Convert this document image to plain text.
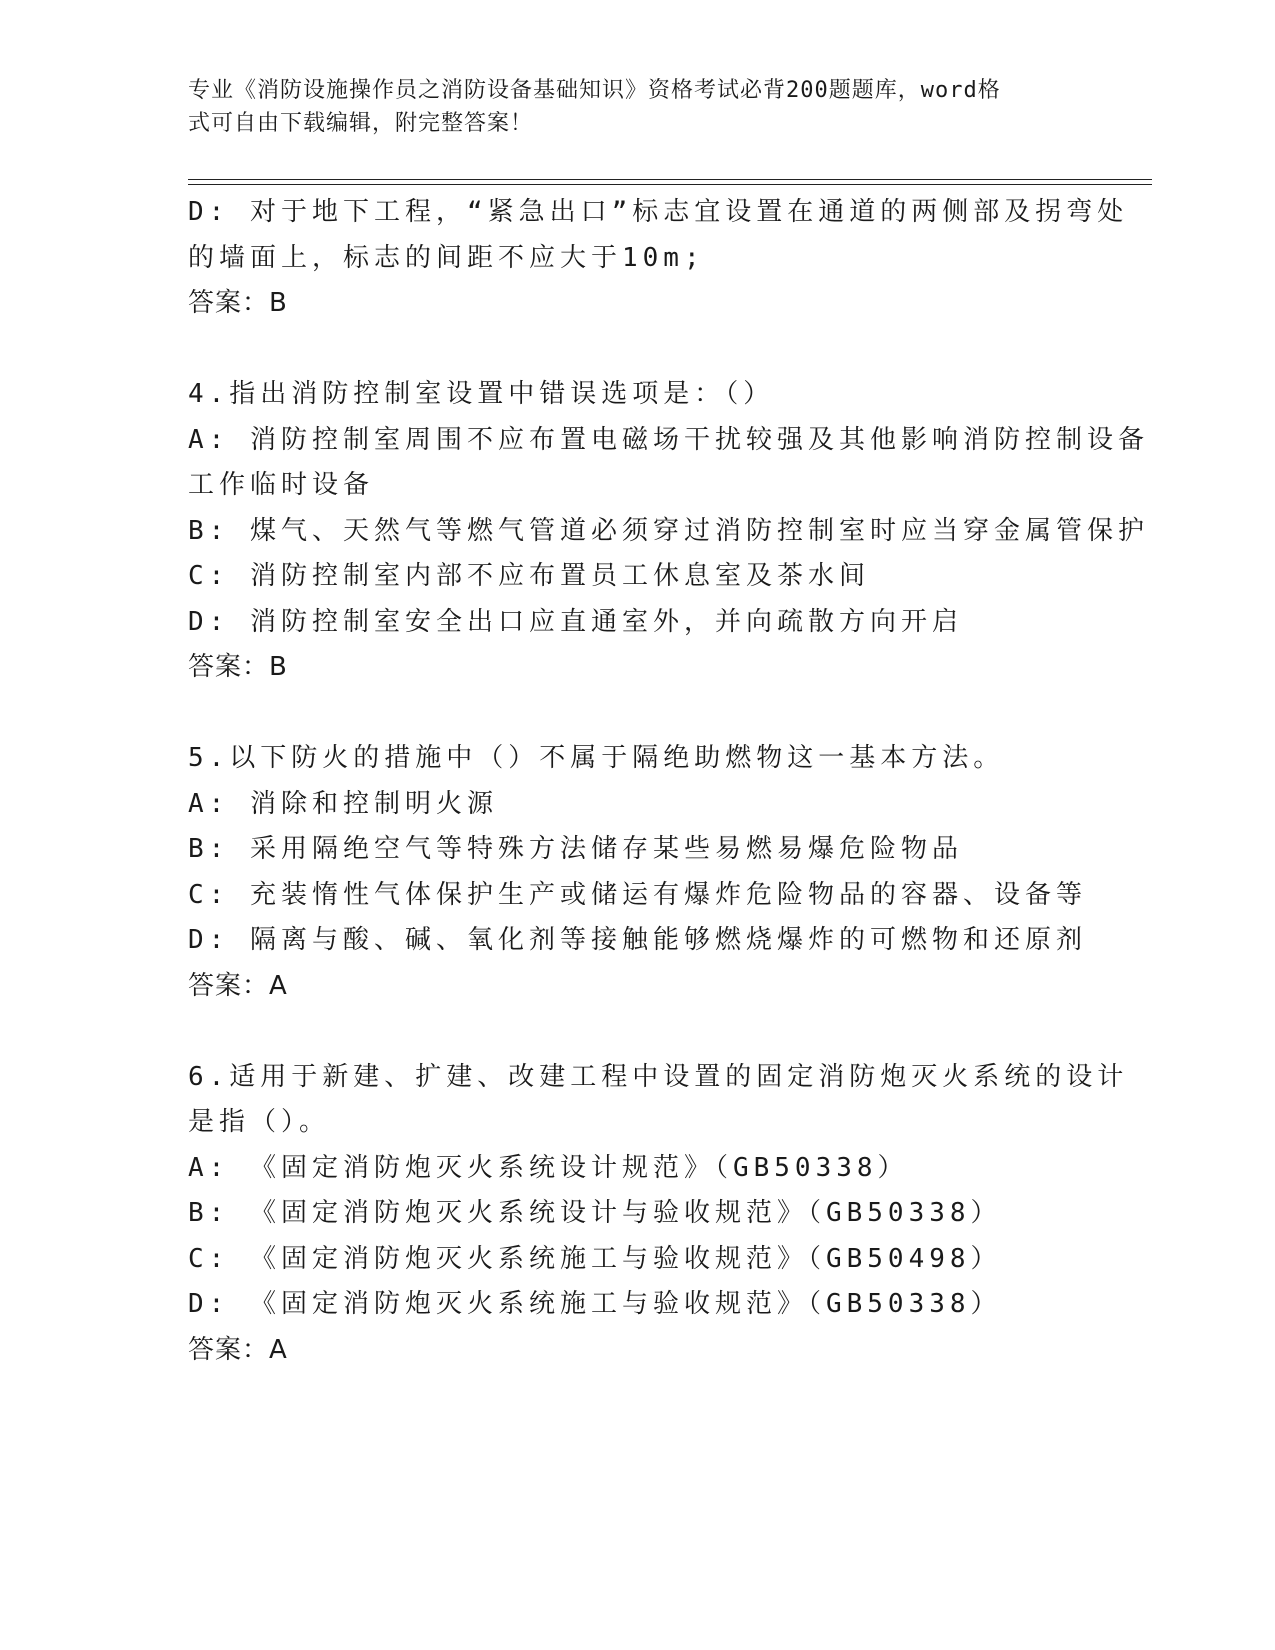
专业《消防设施操作员之消防设备基础知识》资格考试必背200题题库，word格
式可自由下载编辑，附完整答案！
D: 对于地下工程，“紧急出口”标志宜设置在通道的两侧部及拐弯处
的墙面上，标志的间距不应大于10m;
答案：B
4.指出消防控制室设置中错误选项是：（）
A: 消防控制室周围不应布置电磁场干扰较强及其他影响消防控制设备
工作临时设备
B: 煤气、天然气等燃气管道必须穿过消防控制室时应当穿金属管保护
C: 消防控制室内部不应布置员工休息室及茶水间
D: 消防控制室安全出口应直通室外，并向疏散方向开启
答案：B
5.以下防火的措施中（）不属于隔绝助燃物这一基本方法。
A: 消除和控制明火源
B: 采用隔绝空气等特殊方法储存某些易燃易爆危险物品
C: 充装惰性气体保护生产或储运有爆炸危险物品的容器、设备等
D: 隔离与酸、碱、氧化剂等接触能够燃烧爆炸的可燃物和还原剂
答案：A
6.适用于新建、扩建、改建工程中设置的固定消防炮灭火系统的设计
是指（）。
A: 《固定消防炮灭火系统设计规范》（GB50338）
B: 《固定消防炮灭火系统设计与验收规范》（GB50338）
C: 《固定消防炮灭火系统施工与验收规范》（GB50498）
D: 《固定消防炮灭火系统施工与验收规范》（GB50338）
答案：A
